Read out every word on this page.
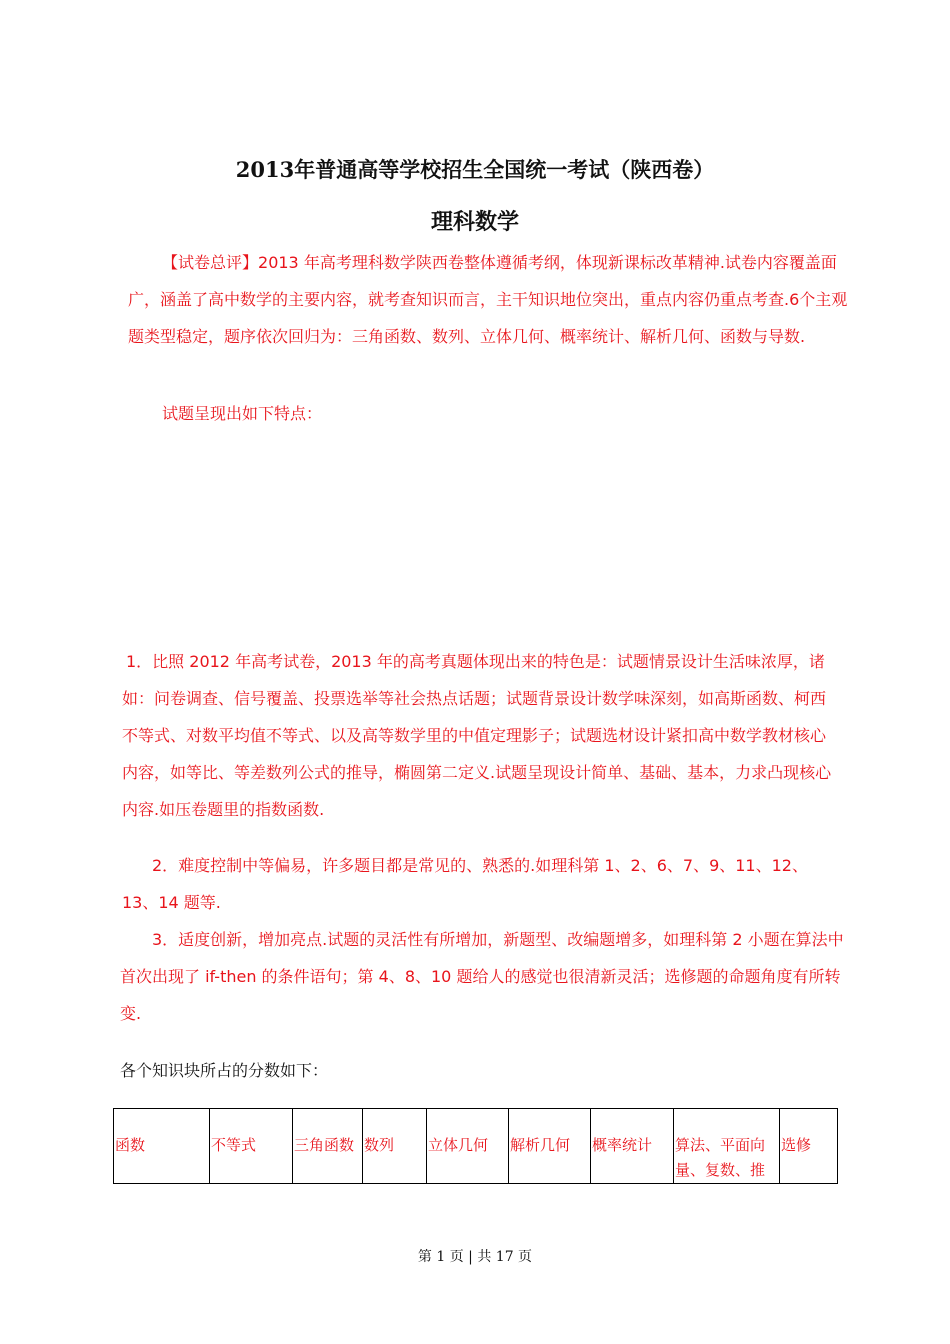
2013年普通高等学校招生全国统一考试（陕西卷）
理科数学
【试卷总评】2013 年高考理科数学陕西卷整体遵循考纲，体现新课标改革精神.试卷内容覆盖面广，涵盖了高中数学的主要内容，就考查知识而言，主干知识地位突出，重点内容仍重点考查.6个主观题类型稳定，题序依次回归为：三角函数、数列、立体几何、概率统计、解析几何、函数与导数.
试题呈现出如下特点：
1．比照 2012 年高考试卷，2013 年的高考真题体现出来的特色是：试题情景设计生活味浓厚，诸如：问卷调查、信号覆盖、投票选举等社会热点话题；试题背景设计数学味深刻，如高斯函数、柯西不等式、对数平均值不等式、以及高等数学里的中值定理影子；试题选材设计紧扣高中数学教材核心内容，如等比、等差数列公式的推导，椭圆第二定义.试题呈现设计简单、基础、基本，力求凸现核心内容.如压卷题里的指数函数.
2．难度控制中等偏易，许多题目都是常见的、熟悉的.如理科第 1、2、6、7、9、11、12、13、14 题等.
3．适度创新，增加亮点.试题的灵活性有所增加，新题型、改编题增多，如理科第 2 小题在算法中首次出现了 if-then 的条件语句；第 4、8、10 题给人的感觉也很清新灵活；选修题的命题角度有所转变.
各个知识块所占的分数如下：
函数	不等式	三角函数	数列	立体几何	解析几何	概率统计	算法、平面向量、复数、推	选修
第 1 页 | 共 17 页
